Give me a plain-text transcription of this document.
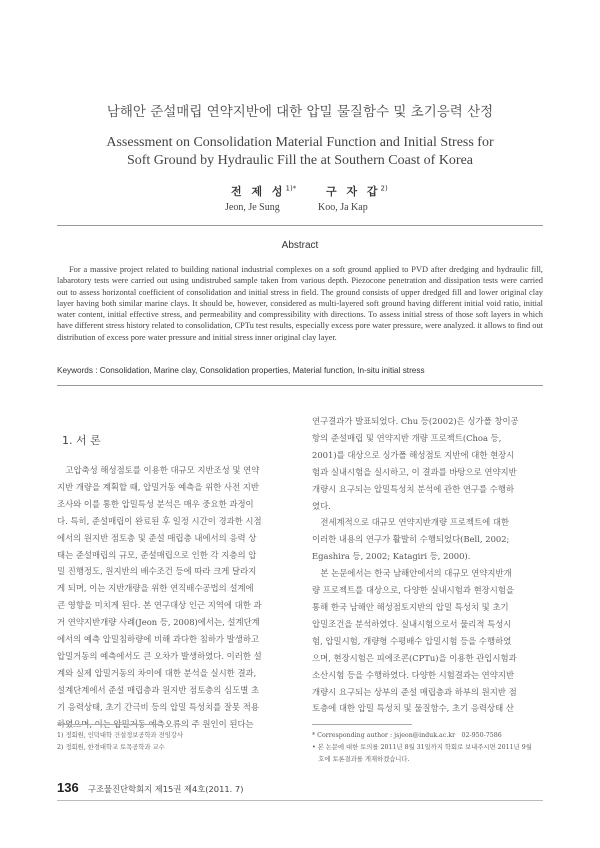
남해안 준설매립 연약지반에 대한 압밀 물질함수 및 초기응력 산정
Assessment on Consolidation Material Function and Initial Stress for
Soft Ground by Hydraulic Fill the at Southern Coast of Korea
전 제 성$^{1)*}$
Jeon, Je Sung
구 자 갑$^{2)}$
Koo, Ja Kap
Abstract

For a massive project related to building national industrial complexes on a soft ground applied to PVD after dredging and hydraulic fill, labarotory tests were carried out using undistrubed sample taken from various depth. Piezocone penetration and dissipation tests were carried out to assess horizontal coefficient of consolidation and initial stress in field. The ground consists of upper dredged fill and lower original clay layer having both similar marine clays. It should be, however, considered as multi-layered soft ground having different initial void ratio, initial water content, initial effective stress, and permeability and compressibility with directions. To assess initial stress of those soft layers in which have different stress history related to consolidation, CPTu test results, especially excess pore water pressure, were analyzed. it allows to find out distribution of excess pore water pressure and initial stress inner original clay layer.

Keywords : Consolidation, Marine clay, Consolidation properties, Material function, In-situ initial stress
1. 서 론

　고압축성 해성점토를 이용한 대규모 지반조성 및 연약
지반 개량을 계획할 때, 압밀거동 예측을 위한 사전 지반
조사와 이를 통한 압밀특성 분석은 매우 중요한 과정이
다. 특히, 준설매립이 완료된 후 일정 시간이 경과한 시점
에서의 원지반 점토층 및 준설 매립층 내에서의 응력 상
태는 준설매립의 규모, 준설매립으로 인한 각 지층의 압
밀 진행정도, 원지반의 배수조건 등에 따라 크게 달라지
게 되며, 이는 지반개량을 위한 연직배수공법의 설계에
큰 영향을 미치게 된다. 본 연구대상 인근 지역에 대한 과
거 연약지반개량 사례(Jeon 등, 2008)에서는, 설계단계
에서의 예측 압밀침하량에 비해 과다한 침하가 발생하고
압밀거동의 예측에서도 큰 오차가 발생하였다. 이러한 설
계와 실제 압밀거동의 차이에 대한 분석을 실시한 결과,
설계단계에서 준설 매립층과 원지반 점토층의 심도별 초
기 응력상태, 초기 간극비 등의 압밀 특성치를 잘못 적용
하였으며, 이는 압밀거동 예측오류의 주 원인이 된다는

연구결과가 발표되었다. Chu 등(2002)은 싱가폴 창이공
항의 준설매립 및 연약지반 개량 프로젝트(Choa 등,
2001)를 대상으로 싱가폴 해성점토 지반에 대한 현장시
험과 실내시험을 실시하고, 이 결과를 바탕으로 연약지반
개량시 요구되는 압밀특성치 분석에 관한 연구를 수행하
였다.
　전세계적으로 대규모 연약지반개량 프로젝트에 대한
이러한 내용의 연구가 활발히 수행되었다(Bell, 2002;
Egashira 등, 2002; Katagiri 등, 2000).
　본 논문에서는 한국 남해안에서의 대규모 연약지반개
량 프로젝트를 대상으로, 다양한 실내시험과 현장시험을
통해 한국 남해안 해성점토지반의 압밀 특성치 및 초기
압밀조건을 분석하였다. 실내시험으로서 물리적 특성시
험, 압밀시험, 개량형 수평배수 압밀시험 등을 수행하였
으며, 현장시험은 피에조콘(CPTu)을 이용한 관입시험과
소산시험 등을 수행하였다. 다양한 시험결과는 연약지반
개량시 요구되는 상부의 준설 매립층과 하부의 원지반 점
토층에 대한 압밀 특성치 및 물질함수, 초기 응력상태 산

1) 정회원, 인덕대학 건설정보공학과 전임강사
2) 정회원, 한경대학교 토목공학과 교수

* Corresponding author : jsjeon@induk.ac.kr　02-950-7586
• 본 논문에 대한 토의를 2011년 8월 31일까지 학회로 보내주시면 2011년 9월
　호에 토론결과를 게재하겠습니다.

136 구조물진단학회지 제15권 제4호(2011. 7)
